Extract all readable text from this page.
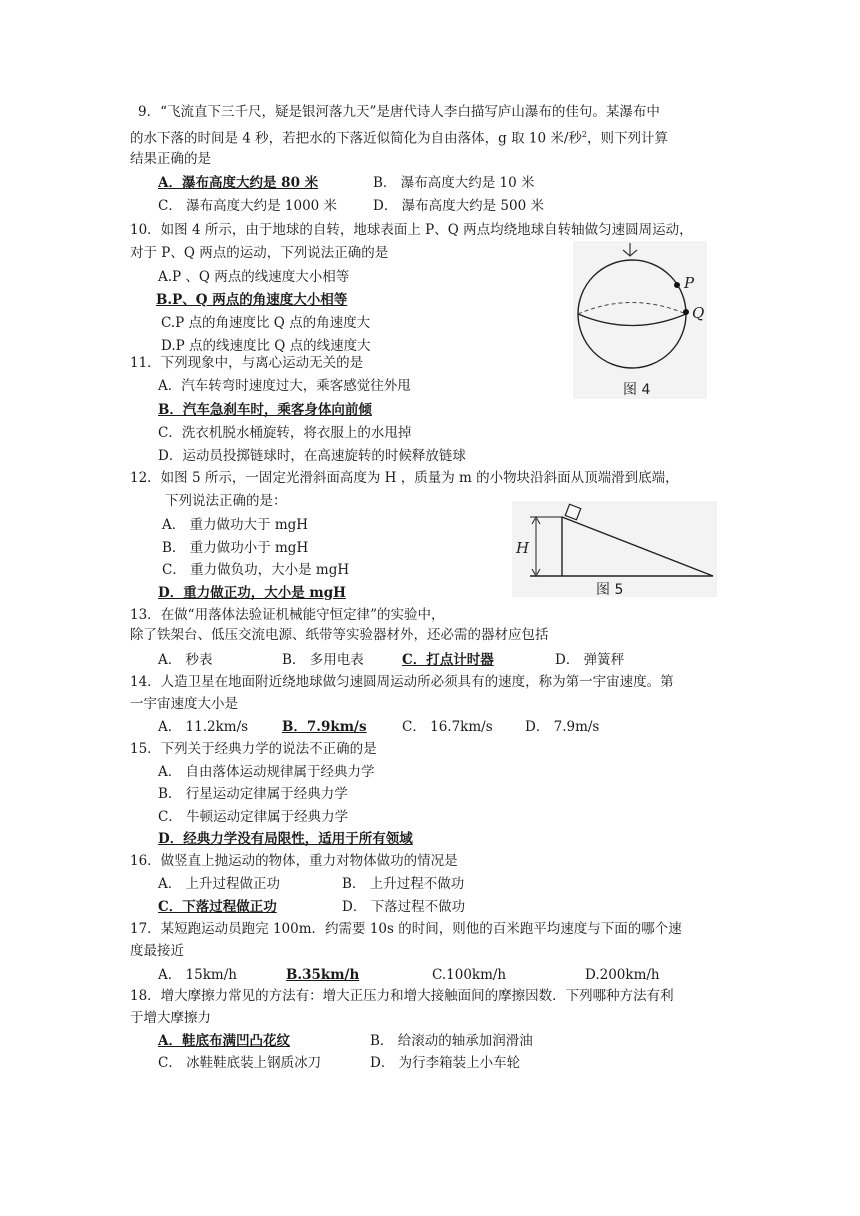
9．“飞流直下三千尺，疑是银河落九天”是唐代诗人李白描写庐山瀑布的佳句。某瀑布中
的水下落的时间是 4 秒，若把水的下落近似简化为自由落体，g 取 10 米/秒$^2$，则下列计算
结果正确的是
A．瀑布高度大约是 80 米	B． 瀑布高度大约是 10 米
C． 瀑布高度大约是 1000 米	D． 瀑布高度大约是 500 米
10．如图 4 所示，由于地球的自转，地球表面上 P、Q 两点均绕地球自转轴做匀速圆周运动，
对于 P、Q 两点的运动，下列说法正确的是
A.P 、Q 两点的线速度大小相等
B.P、Q 两点的角速度大小相等
C.P 点的角速度比 Q 点的角速度大
D.P 点的线速度比 Q 点的线速度大
P
Q
图 4
11．下列现象中，与离心运动无关的是
A．汽车转弯时速度过大，乘客感觉往外甩
B．汽车急刹车时，乘客身体向前倾
C．洗衣机脱水桶旋转，将衣服上的水甩掉
D．运动员投掷链球时，在高速旋转的时候释放链球
12．如图 5 所示，一固定光滑斜面高度为 H ，质量为 m 的小物块沿斜面从顶端滑到底端，
下列说法正确的是：
A． 重力做功大于 mgH
B． 重力做功小于 mgH
C． 重力做负功，大小是 mgH
D．重力做正功，大小是 mgH
H
图 5
13．在做“用落体法验证机械能守恒定律”的实验中，
除了铁架台、低压交流电源、纸带等实验器材外，还必需的器材应包括
A． 秒表	B． 多用电表	C．打点计时器	D． 弹簧秤
14．人造卫星在地面附近绕地球做匀速圆周运动所必须具有的速度，称为第一宇宙速度。第
一宇宙速度大小是
A． 11.2km/s	B．7.9km/s	C． 16.7km/s D． 7.9m/s
15．下列关于经典力学的说法不正确的是
A． 自由落体运动规律属于经典力学
B． 行星运动定律属于经典力学
C． 牛顿运动定律属于经典力学
D．经典力学没有局限性，适用于所有领域
16．做竖直上抛运动的物体，重力对物体做功的情况是
A． 上升过程做正功	B． 上升过程不做功
C．下落过程做正功	D． 下落过程不做功
17．某短跑运动员跑完 100m．约需要 10s 的时间，则他的百米跑平均速度与下面的哪个速
度最接近
A． 15km/h	B.35km/h	C.100km/h	D.200km/h
18．增大摩擦力常见的方法有：增大正压力和增大接触面间的摩擦因数．下列哪种方法有利
于增大摩擦力
A．鞋底布满凹凸花纹	B． 给滚动的轴承加润滑油
C． 冰鞋鞋底装上钢质冰刀	D． 为行李箱装上小车轮
